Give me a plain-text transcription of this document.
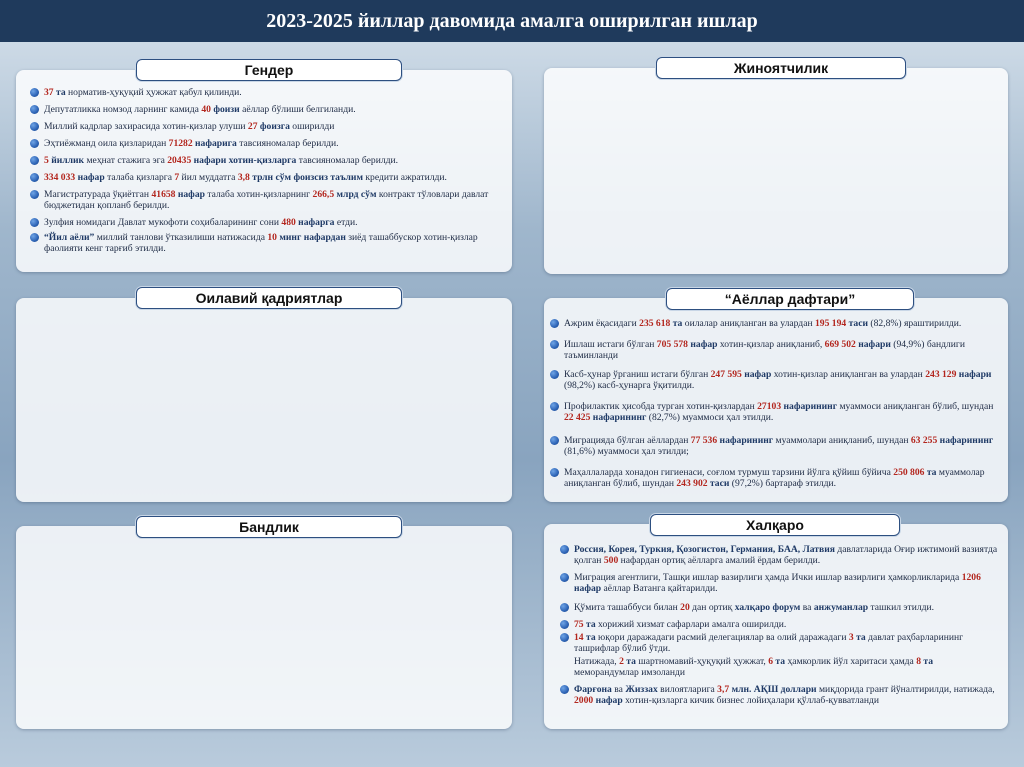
2023-2025 йиллар давомида амалга оширилган ишлар
Гендер
37 та норматив-ҳуқуқий ҳужжат қабул қилинди.
Депутатликка номзод ларнинг камида 40 фоизи аёллар бўлиши белгиланди.
Миллий кадрлар захирасида хотин-қизлар улуши 27 фоизга оширилди
Эҳтиёжманд оила қизларидан 71282 нафарига тавсияномалар берилди.
5 йиллик меҳнат стажига эга 20435 нафари хотин-қизларга тавсияномалар берилди.
334 033 нафар талаба қизларга 7 йил муддатга 3,8 трлн сўм фоизсиз таълим кредити ажратилди.
Магистратурада ўқиётган 41658 нафар талаба хотин-қизларнинг 266,5 млрд сўм контракт тўловлари давлат бюджетидан қопланб берилди.
Зулфия номидаги Давлат мукофоти соҳибаларининг сони 480 нафарга етди.
“Йил аёли” миллий танлови ўтказилиши натижасида 10 минг нафардан зиёд ташаббускор хотин-қизлар фаолияти кенг тарғиб этилди.
Жиноятчилик
Оилавий қадриятлар	“Аёллар дафтари”
Ажрим ёқасидаги 235 618 та оилалар аниқланган ва улардан 195 194 таси (82,8%) яраштирилди.
Ишлаш истаги бўлган 705 578 нафар хотин-қизлар аниқланиб, 669 502 нафари (94,9%) бандлиги таъминланди
Касб-ҳунар ўрганиш истаги бўлган 247 595 нафар хотин-қизлар аниқланган ва улардан 243 129 нафари (98,2%) касб-ҳунарга ўқитилди.
Профилактик ҳисобда турган хотин-қизлардан 27103 нафарининг муаммоси аниқланган бўлиб, шундан 22 425 нафарининг (82,7%) муаммоси ҳал этилди.
Миграцияда бўлган аёллардан 77 536 нафарининг муаммолари аниқланиб, шундан 63 255 нафарининг (81,6%) муаммоси ҳал этилди;
Маҳаллаларда хонадон гигиенаси, соғлом турмуш тарзини йўлга қўйиш бўйича 250 806 та муаммолар аниқланган бўлиб, шундан 243 902 таси (97,2%) бартараф этилди.
Бандлик	Халқаро
Россия, Корея, Туркия, Қозогистон, Германия, БАА, Латвия давлатларида Оғир ижтимоий вазиятда қолган 500 нафардан ортиқ аёлларга амалий ёрдам берилди.
Миграция агентлиги, Ташқи ишлар вазирлиги ҳамда Ички ишлар вазирлиги ҳамкорликларида 1206 нафар аёллар Ватанга қайтарилди.
Қўмита ташаббуси билан 20 дан ортиқ халқаро форум ва анжуманлар ташкил этилди.
75 та хорижий хизмат сафарлари амалга оширилди.
14 та юқори даражадаги расмий делегациялар ва олий даражадаги 3 та давлат раҳбарларининг ташрифлар бўлиб ўтди.
Натижада, 2 та шартномавий-ҳуқуқий ҳужжат, 6 та ҳамкорлик йўл харитаси ҳамда 8 та меморандумлар имзоланди
Фарғона ва Жиззах вилоятларига 3,7 млн. АҚШ доллари миқдорида грант йўналтирилди, натижада, 2000 нафар хотин-қизларга кичик бизнес лойиҳалари қўллаб-қувватланди
